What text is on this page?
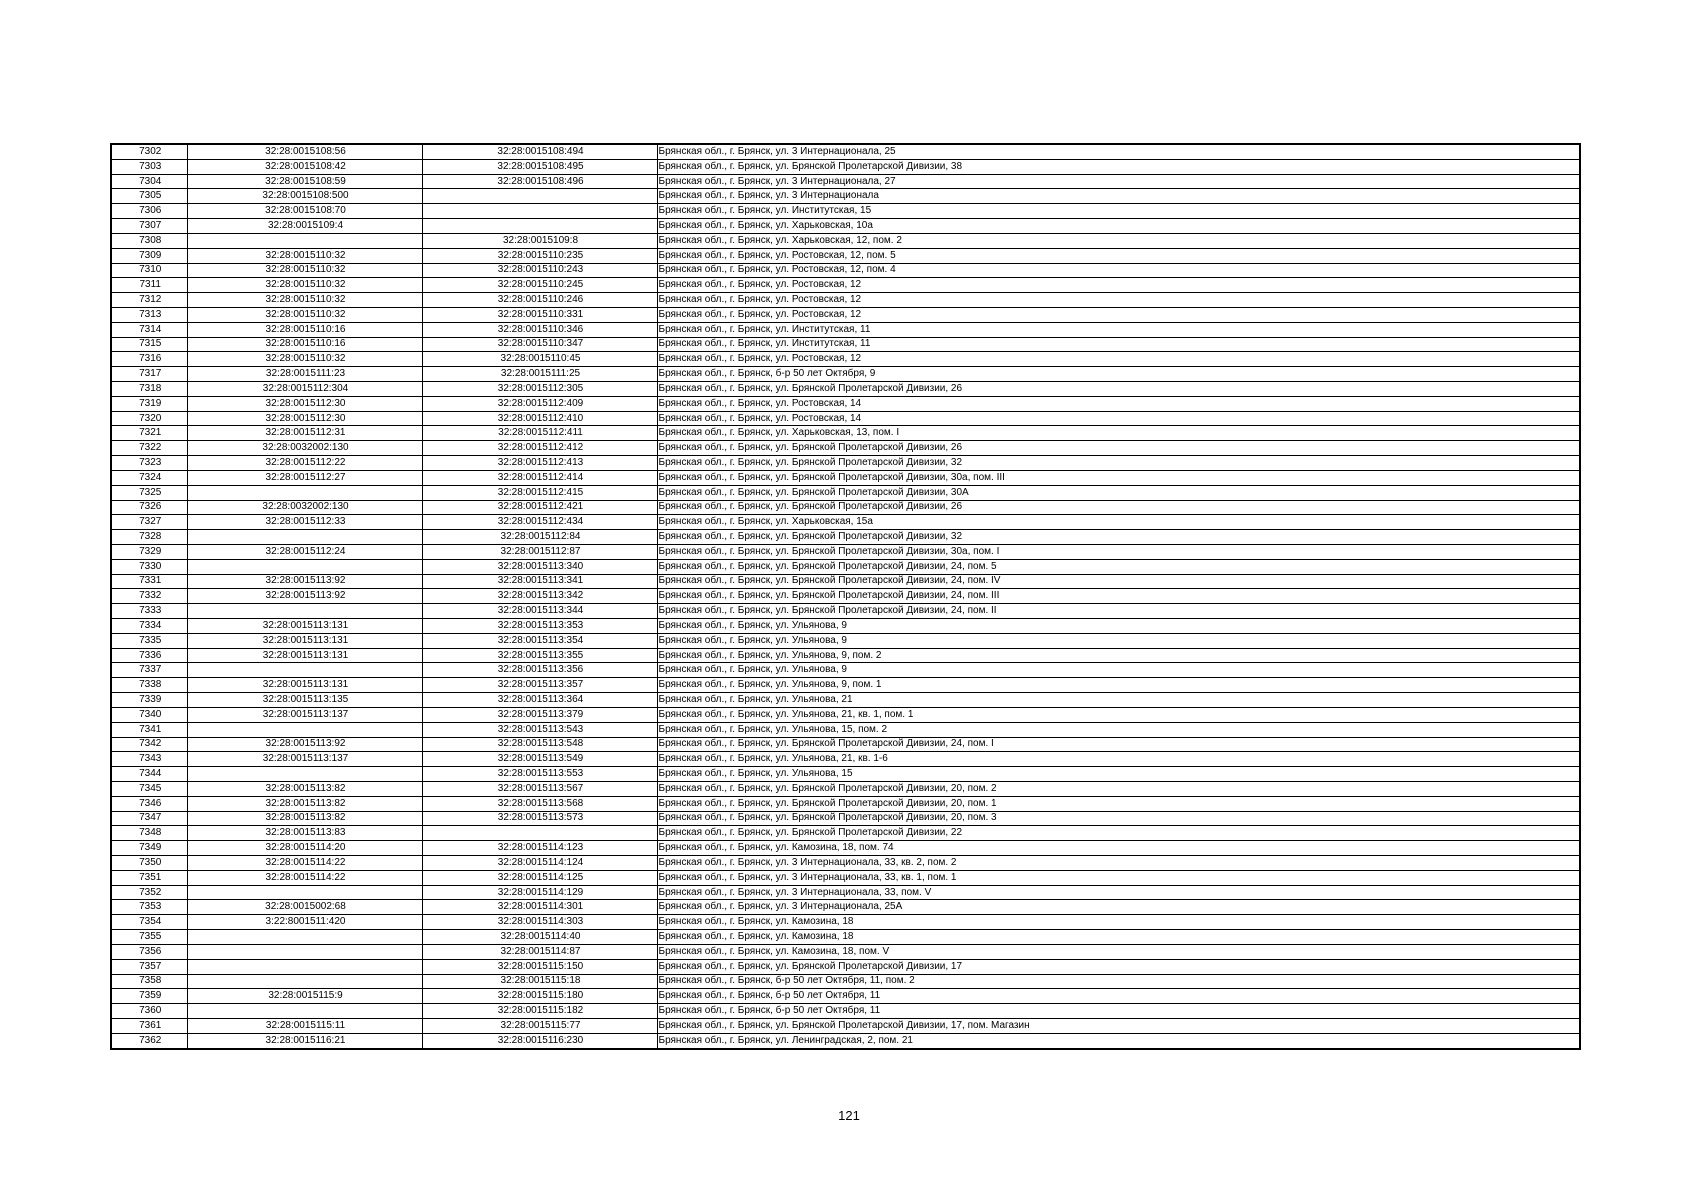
7302	32:28:0015108:56	32:28:0015108:494	Брянская обл., г. Брянск, ул. 3 Интернационала, 25
7303	32:28:0015108:42	32:28:0015108:495	Брянская обл., г. Брянск, ул. Брянской Пролетарской Дивизии, 38
7304	32:28:0015108:59	32:28:0015108:496	Брянская обл., г. Брянск, ул. 3 Интернационала, 27
7305	32:28:0015108:500		Брянская обл., г. Брянск, ул. 3 Интернационала
7306	32:28:0015108:70		Брянская обл., г. Брянск, ул. Институтская, 15
7307	32:28:0015109:4		Брянская обл., г. Брянск, ул. Харьковская, 10а
7308		32:28:0015109:8	Брянская обл., г. Брянск, ул. Харьковская, 12, пом. 2
7309	32:28:0015110:32	32:28:0015110:235	Брянская обл., г. Брянск, ул. Ростовская, 12, пом. 5
7310	32:28:0015110:32	32:28:0015110:243	Брянская обл., г. Брянск, ул. Ростовская, 12, пом. 4
7311	32:28:0015110:32	32:28:0015110:245	Брянская обл., г. Брянск, ул. Ростовская, 12
7312	32:28:0015110:32	32:28:0015110:246	Брянская обл., г. Брянск, ул. Ростовская, 12
7313	32:28:0015110:32	32:28:0015110:331	Брянская обл., г. Брянск, ул. Ростовская, 12
7314	32:28:0015110:16	32:28:0015110:346	Брянская обл., г. Брянск, ул. Институтская, 11
7315	32:28:0015110:16	32:28:0015110:347	Брянская обл., г. Брянск, ул. Институтская, 11
7316	32:28:0015110:32	32:28:0015110:45	Брянская обл., г. Брянск, ул. Ростовская, 12
7317	32:28:0015111:23	32:28:0015111:25	Брянская обл., г. Брянск, б-р 50 лет Октября, 9
7318	32:28:0015112:304	32:28:0015112:305	Брянская обл., г. Брянск, ул. Брянской Пролетарской Дивизии, 26
7319	32:28:0015112:30	32:28:0015112:409	Брянская обл., г. Брянск, ул. Ростовская, 14
7320	32:28:0015112:30	32:28:0015112:410	Брянская обл., г. Брянск, ул. Ростовская, 14
7321	32:28:0015112:31	32:28:0015112:411	Брянская обл., г. Брянск, ул. Харьковская, 13, пом. I
7322	32:28:0032002:130	32:28:0015112:412	Брянская обл., г. Брянск, ул. Брянской Пролетарской Дивизии, 26
7323	32:28:0015112:22	32:28:0015112:413	Брянская обл., г. Брянск, ул. Брянской Пролетарской Дивизии, 32
7324	32:28:0015112:27	32:28:0015112:414	Брянская обл., г. Брянск, ул. Брянской Пролетарской Дивизии, 30а, пом. III
7325		32:28:0015112:415	Брянская обл., г. Брянск, ул. Брянской Пролетарской Дивизии, 30А
7326	32:28:0032002:130	32:28:0015112:421	Брянская обл., г. Брянск, ул. Брянской Пролетарской Дивизии, 26
7327	32:28:0015112:33	32:28:0015112:434	Брянская обл., г. Брянск, ул. Харьковская, 15а
7328		32:28:0015112:84	Брянская обл., г. Брянск, ул. Брянской Пролетарской Дивизии, 32
7329	32:28:0015112:24	32:28:0015112:87	Брянская обл., г. Брянск, ул. Брянской Пролетарской Дивизии, 30а, пом. I
7330		32:28:0015113:340	Брянская обл., г. Брянск, ул. Брянской Пролетарской Дивизии, 24, пом. 5
7331	32:28:0015113:92	32:28:0015113:341	Брянская обл., г. Брянск, ул. Брянской Пролетарской Дивизии, 24, пом. IV
7332	32:28:0015113:92	32:28:0015113:342	Брянская обл., г. Брянск, ул. Брянской Пролетарской Дивизии, 24, пом. III
7333		32:28:0015113:344	Брянская обл., г. Брянск, ул. Брянской Пролетарской Дивизии, 24, пом. II
7334	32:28:0015113:131	32:28:0015113:353	Брянская обл., г. Брянск, ул. Ульянова, 9
7335	32:28:0015113:131	32:28:0015113:354	Брянская обл., г. Брянск, ул. Ульянова, 9
7336	32:28:0015113:131	32:28:0015113:355	Брянская обл., г. Брянск, ул. Ульянова, 9, пом. 2
7337		32:28:0015113:356	Брянская обл., г. Брянск, ул. Ульянова, 9
7338	32:28:0015113:131	32:28:0015113:357	Брянская обл., г. Брянск, ул. Ульянова, 9, пом. 1
7339	32:28:0015113:135	32:28:0015113:364	Брянская обл., г. Брянск, ул. Ульянова, 21
7340	32:28:0015113:137	32:28:0015113:379	Брянская обл., г. Брянск, ул. Ульянова, 21, кв. 1, пом. 1
7341		32:28:0015113:543	Брянская обл., г. Брянск, ул. Ульянова, 15, пом. 2
7342	32:28:0015113:92	32:28:0015113:548	Брянская обл., г. Брянск, ул. Брянской Пролетарской Дивизии, 24, пом. I
7343	32:28:0015113:137	32:28:0015113:549	Брянская обл., г. Брянск, ул. Ульянова, 21, кв. 1-6
7344		32:28:0015113:553	Брянская обл., г. Брянск, ул. Ульянова, 15
7345	32:28:0015113:82	32:28:0015113:567	Брянская обл., г. Брянск, ул. Брянской Пролетарской Дивизии, 20, пом. 2
7346	32:28:0015113:82	32:28:0015113:568	Брянская обл., г. Брянск, ул. Брянской Пролетарской Дивизии, 20, пом. 1
7347	32:28:0015113:82	32:28:0015113:573	Брянская обл., г. Брянск, ул. Брянской Пролетарской Дивизии, 20, пом. 3
7348	32:28:0015113:83		Брянская обл., г. Брянск, ул. Брянской Пролетарской Дивизии, 22
7349	32:28:0015114:20	32:28:0015114:123	Брянская обл., г. Брянск, ул. Камозина, 18, пом. 74
7350	32:28:0015114:22	32:28:0015114:124	Брянская обл., г. Брянск, ул. 3 Интернационала, 33, кв. 2, пом. 2
7351	32:28:0015114:22	32:28:0015114:125	Брянская обл., г. Брянск, ул. 3 Интернационала, 33, кв. 1, пом. 1
7352		32:28:0015114:129	Брянская обл., г. Брянск, ул. 3 Интернационала, 33, пом. V
7353	32:28:0015002:68	32:28:0015114:301	Брянская обл., г. Брянск, ул. 3 Интернационала, 25А
7354	3:22:8001511:420	32:28:0015114:303	Брянская обл., г. Брянск, ул. Камозина, 18
7355		32:28:0015114:40	Брянская обл., г. Брянск, ул. Камозина, 18
7356		32:28:0015114:87	Брянская обл., г. Брянск, ул. Камозина, 18, пом. V
7357		32:28:0015115:150	Брянская обл., г. Брянск, ул. Брянской Пролетарской Дивизии, 17
7358		32:28:0015115:18	Брянская обл., г. Брянск, б-р 50 лет Октября, 11, пом. 2
7359	32:28:0015115:9	32:28:0015115:180	Брянская обл., г. Брянск, б-р 50 лет Октября, 11
7360		32:28:0015115:182	Брянская обл., г. Брянск, б-р 50 лет Октября, 11
7361	32:28:0015115:11	32:28:0015115:77	Брянская обл., г. Брянск, ул. Брянской Пролетарской Дивизии, 17, пом. Магазин
7362	32:28:0015116:21	32:28:0015116:230	Брянская обл., г. Брянск, ул. Ленинградская, 2, пом. 21
121
